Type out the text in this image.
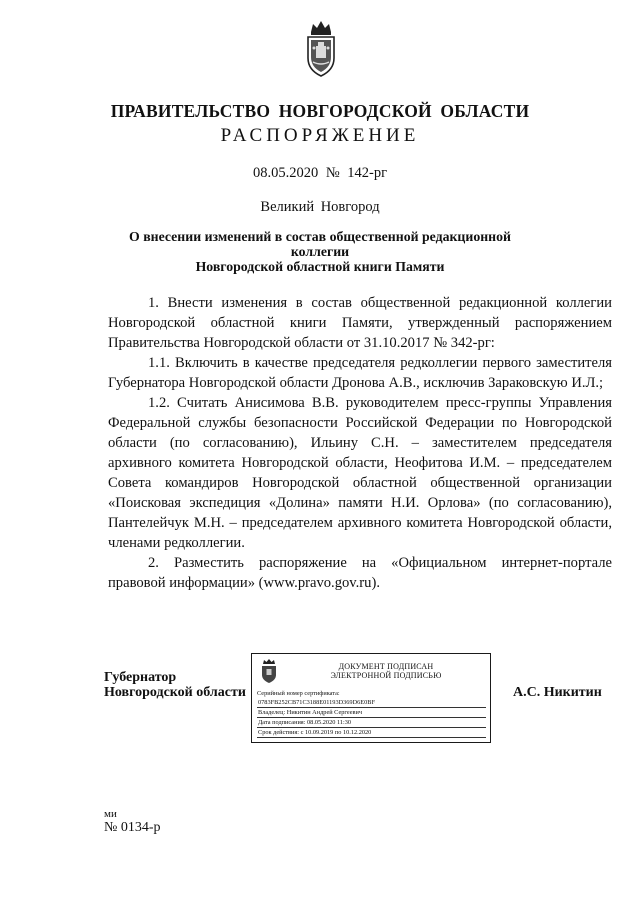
ПРАВИТЕЛЬСТВО НОВГОРОДСКОЙ ОБЛАСТИ
РАСПОРЯЖЕНИЕ
08.05.2020 № 142-рг
Великий Новгород
О внесении изменений в состав общественной редакционной коллегии
Новгородской областной книги Памяти

1. Внести изменения в состав общественной редакционной коллегии Новгородской областной книги Памяти, утвержденный распоряжением Правительства Новгородской области от 31.10.2017 № 342-рг:

1.1. Включить в качестве председателя редколлегии первого заместителя Губернатора Новгородской области Дронова А.В., исключив Зараковскую И.Л.;

1.2. Считать Анисимова В.В. руководителем пресс-группы Управления Федеральной службы безопасности Российской Федерации по Новгородской области (по согласованию), Ильину С.Н. – заместителем председателя архивного комитета Новгородской области, Неофитова И.М. – председателем Совета командиров Новгородской областной общественной организации «Поисковая экспедиция «Долина» памяти Н.И. Орлова» (по согласованию), Пантелейчук М.Н. – председателем архивного комитета Новгородской области, членами редколлегии.

2. Разместить распоряжение на «Официальном интернет-портале правовой информации» (www.pravo.gov.ru).

Губернатор
Новгородской области
ДОКУМЕНТ ПОДПИСАН
ЭЛЕКТРОННОЙ ПОДПИСЬЮ
Серийный номер сертификата:
0783FB252CB71C3188E01193D369D6E0BF
Владелец: Никитин Андрей Сергеевич
Дата подписания: 08.05.2020 11:30
Срок действия: с 10.09.2019 по 10.12.2020
А.С. Никитин
ми
№ 0134-р
